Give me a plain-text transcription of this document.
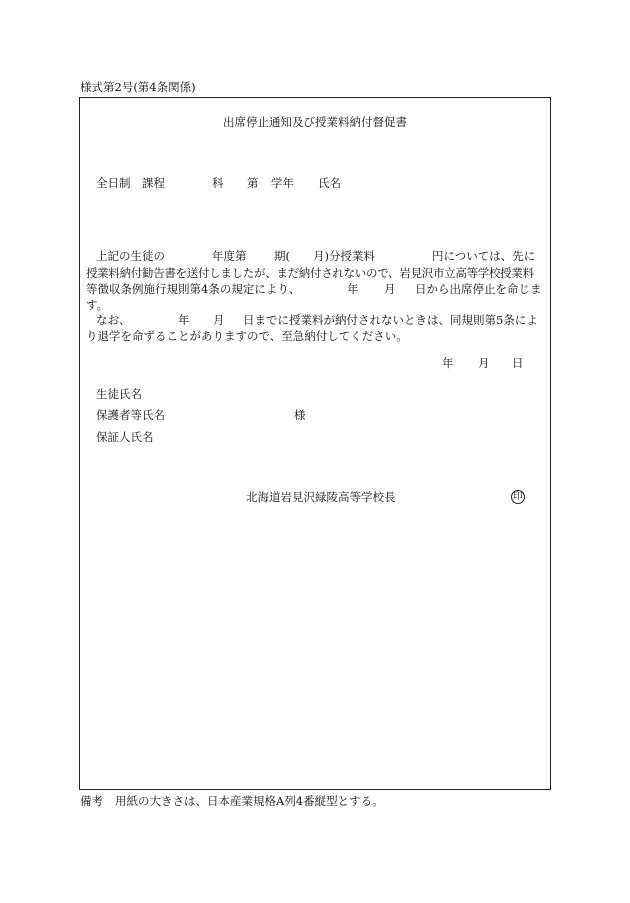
様式第2号(第4条関係)
出席停止通知及び授業料納付督促書
全日制 課程	科 第 学年 氏名
上記の生徒の	年度第 期( 月)分授業料	円については、先に
授業料納付勧告書を送付しましたが、まだ納付されないので、岩見沢市立高等学校授業料
等徴収条例施行規則第4条の規定により、	年 月 日から出席停止を命じま
す。
なお、	年 月 日までに授業料が納付されないときは、同規則第5条によ
り退学を命ずることがありますので、至急納付してください。
年 月 日
生徒氏名
保護者等氏名	様
保証人氏名
北海道岩見沢緑陵高等学校長	印
備考 用紙の大きさは、日本産業規格A列4番縦型とする。
